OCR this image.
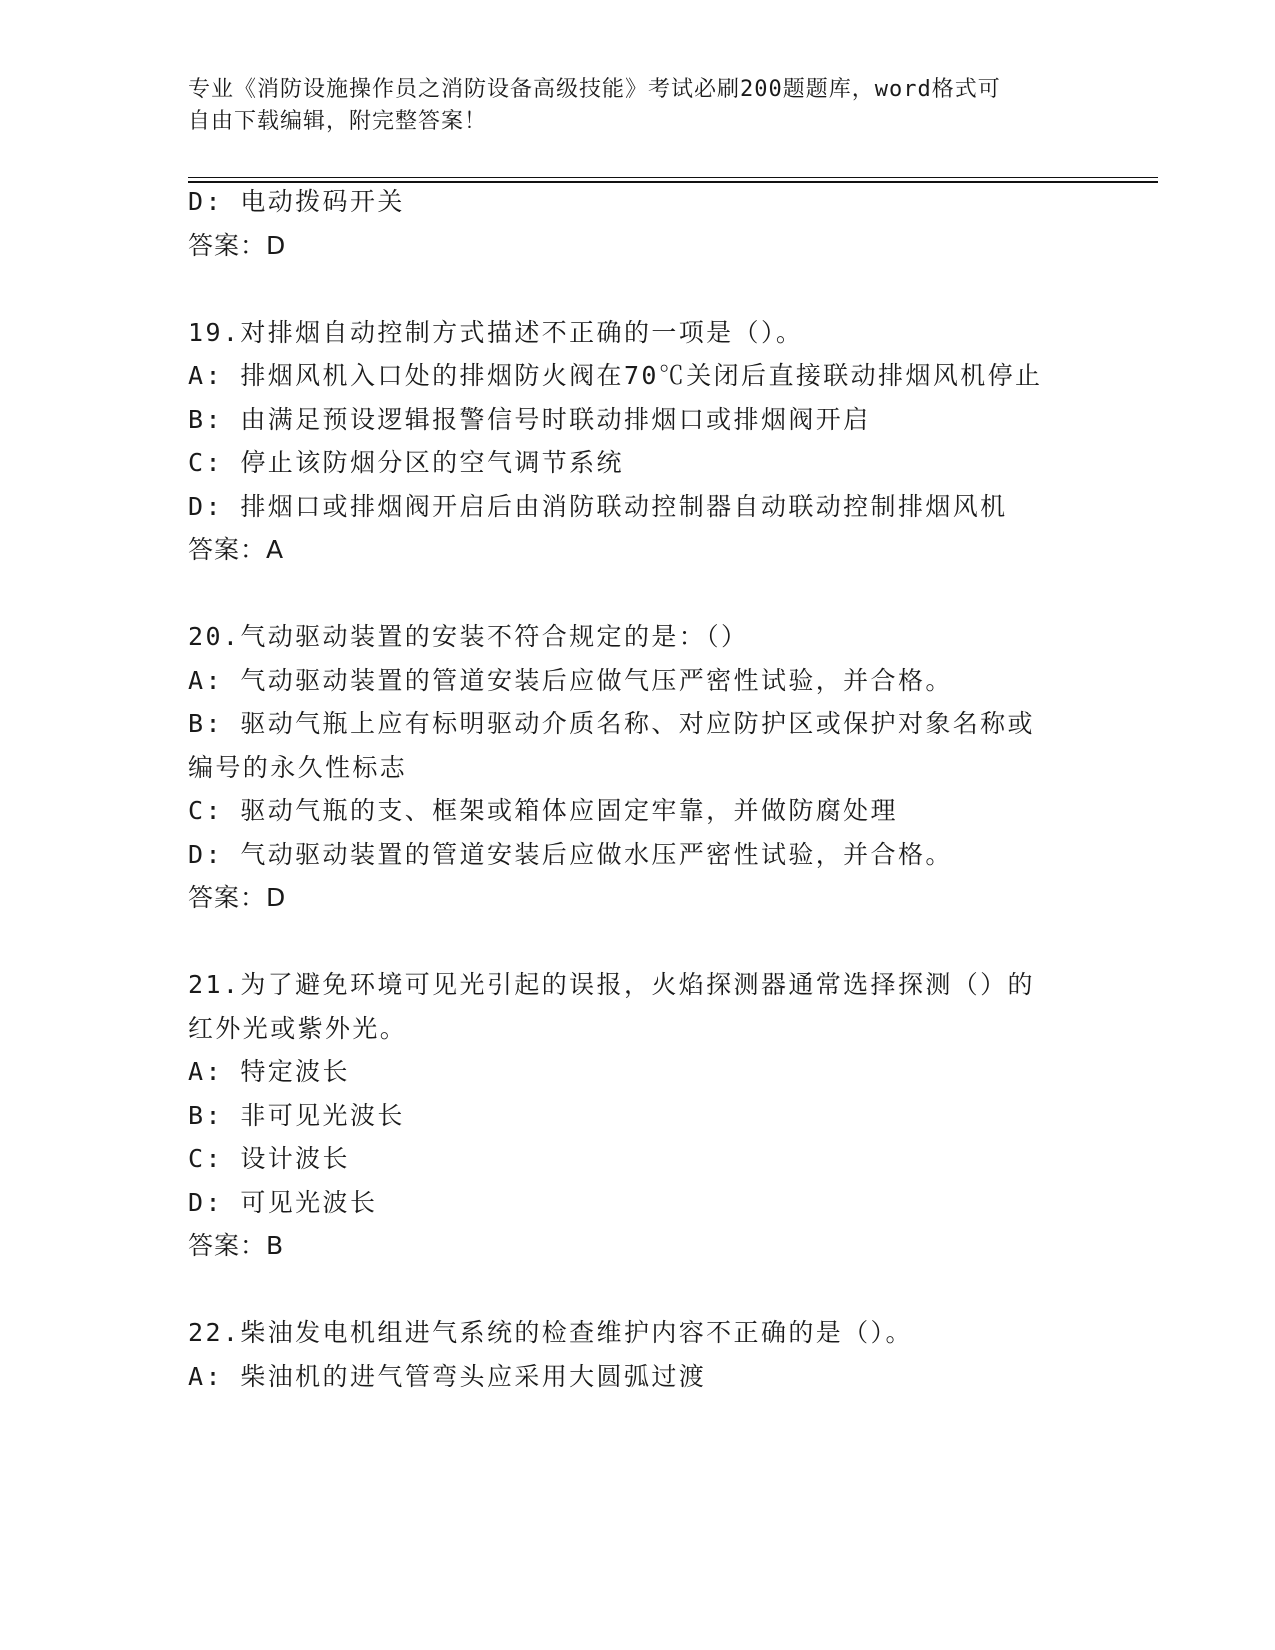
专业《消防设施操作员之消防设备高级技能》考试必刷200题题库，word格式可
自由下载编辑，附完整答案！
D: 电动拨码开关
答案：D
19.对排烟自动控制方式描述不正确的一项是（）。
A: 排烟风机入口处的排烟防火阀在70℃关闭后直接联动排烟风机停止
B: 由满足预设逻辑报警信号时联动排烟口或排烟阀开启
C: 停止该防烟分区的空气调节系统
D: 排烟口或排烟阀开启后由消防联动控制器自动联动控制排烟风机
答案：A
20.气动驱动装置的安装不符合规定的是：（）
A: 气动驱动装置的管道安装后应做气压严密性试验，并合格。
B: 驱动气瓶上应有标明驱动介质名称、对应防护区或保护对象名称或
编号的永久性标志
C: 驱动气瓶的支、框架或箱体应固定牢靠，并做防腐处理
D: 气动驱动装置的管道安装后应做水压严密性试验，并合格。
答案：D
21.为了避免环境可见光引起的误报，火焰探测器通常选择探测（）的
红外光或紫外光。
A: 特定波长
B: 非可见光波长
C: 设计波长
D: 可见光波长
答案：B
22.柴油发电机组进气系统的检查维护内容不正确的是（）。
A: 柴油机的进气管弯头应采用大圆弧过渡
